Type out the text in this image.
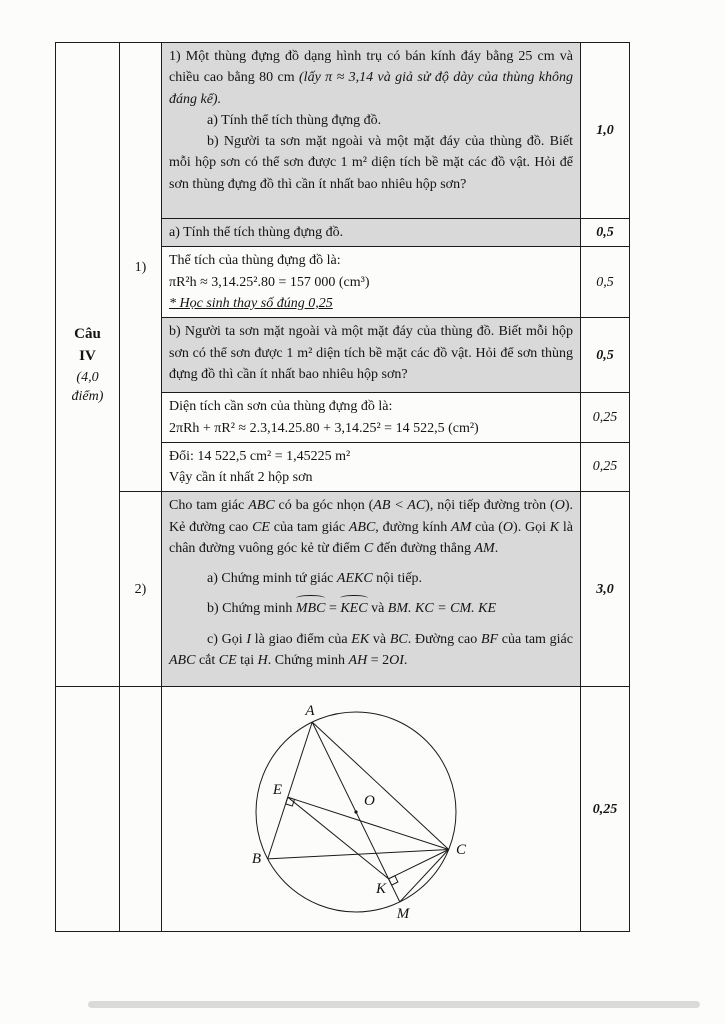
Câu
IV
(4,0
điểm)
	1)	
1) Một thùng đựng đồ dạng hình trụ có bán kính đáy bằng 25 cm và chiều cao bằng 80 cm (lấy π ≈ 3,14 và giả sử độ dày của thùng không đáng kể).
a) Tính thể tích thùng đựng đồ.
b) Người ta sơn mặt ngoài và một mặt đáy của thùng đồ. Biết mỗi hộp sơn có thể sơn được 1 m² diện tích bề mặt các đồ vật. Hỏi để sơn thùng đựng đồ thì cần ít nhất bao nhiêu hộp sơn?
	1,0

		a) Tính thể tích thùng đựng đồ.	0,5

		Thể tích của thùng đựng đồ là:
πR²h ≈ 3,14.25².80 = 157 000 (cm³)
* Học sinh thay số đúng 0,25	0,5

		b) Người ta sơn mặt ngoài và một mặt đáy của thùng đồ. Biết mỗi hộp sơn có thể sơn được 1 m² diện tích bề mặt các đồ vật. Hỏi để sơn thùng đựng đồ thì cần ít nhất bao nhiêu hộp sơn?	0,5

		Diện tích cần sơn của thùng đựng đồ là:
2πRh + πR² ≈ 2.3,14.25.80 + 3,14.25² = 14 522,5 (cm²)	0,25

		Đổi: 14 522,5 cm² = 1,45225 m²
Vậy cần ít nhất 2 hộp sơn	0,25
	2)	Cho tam giác ABC có ba góc nhọn (AB < AC), nội tiếp đường tròn (O). Kẻ đường cao CE của tam giác ABC, đường kính AM của (O). Gọi K là chân đường vuông góc kẻ từ điểm C đến đường thẳng AM.
a) Chứng minh tứ giác AEKC nội tiếp.
b) Chứng minh MBC = KEC và BM. KC = CM. KE
c) Gọi I là giao điểm của EK và BC. Đường cao BF của tam giác ABC cắt CE tại H. Chứng minh AH = 2OI.	3,0

A
B
C
M
E
O
K
	0,25
